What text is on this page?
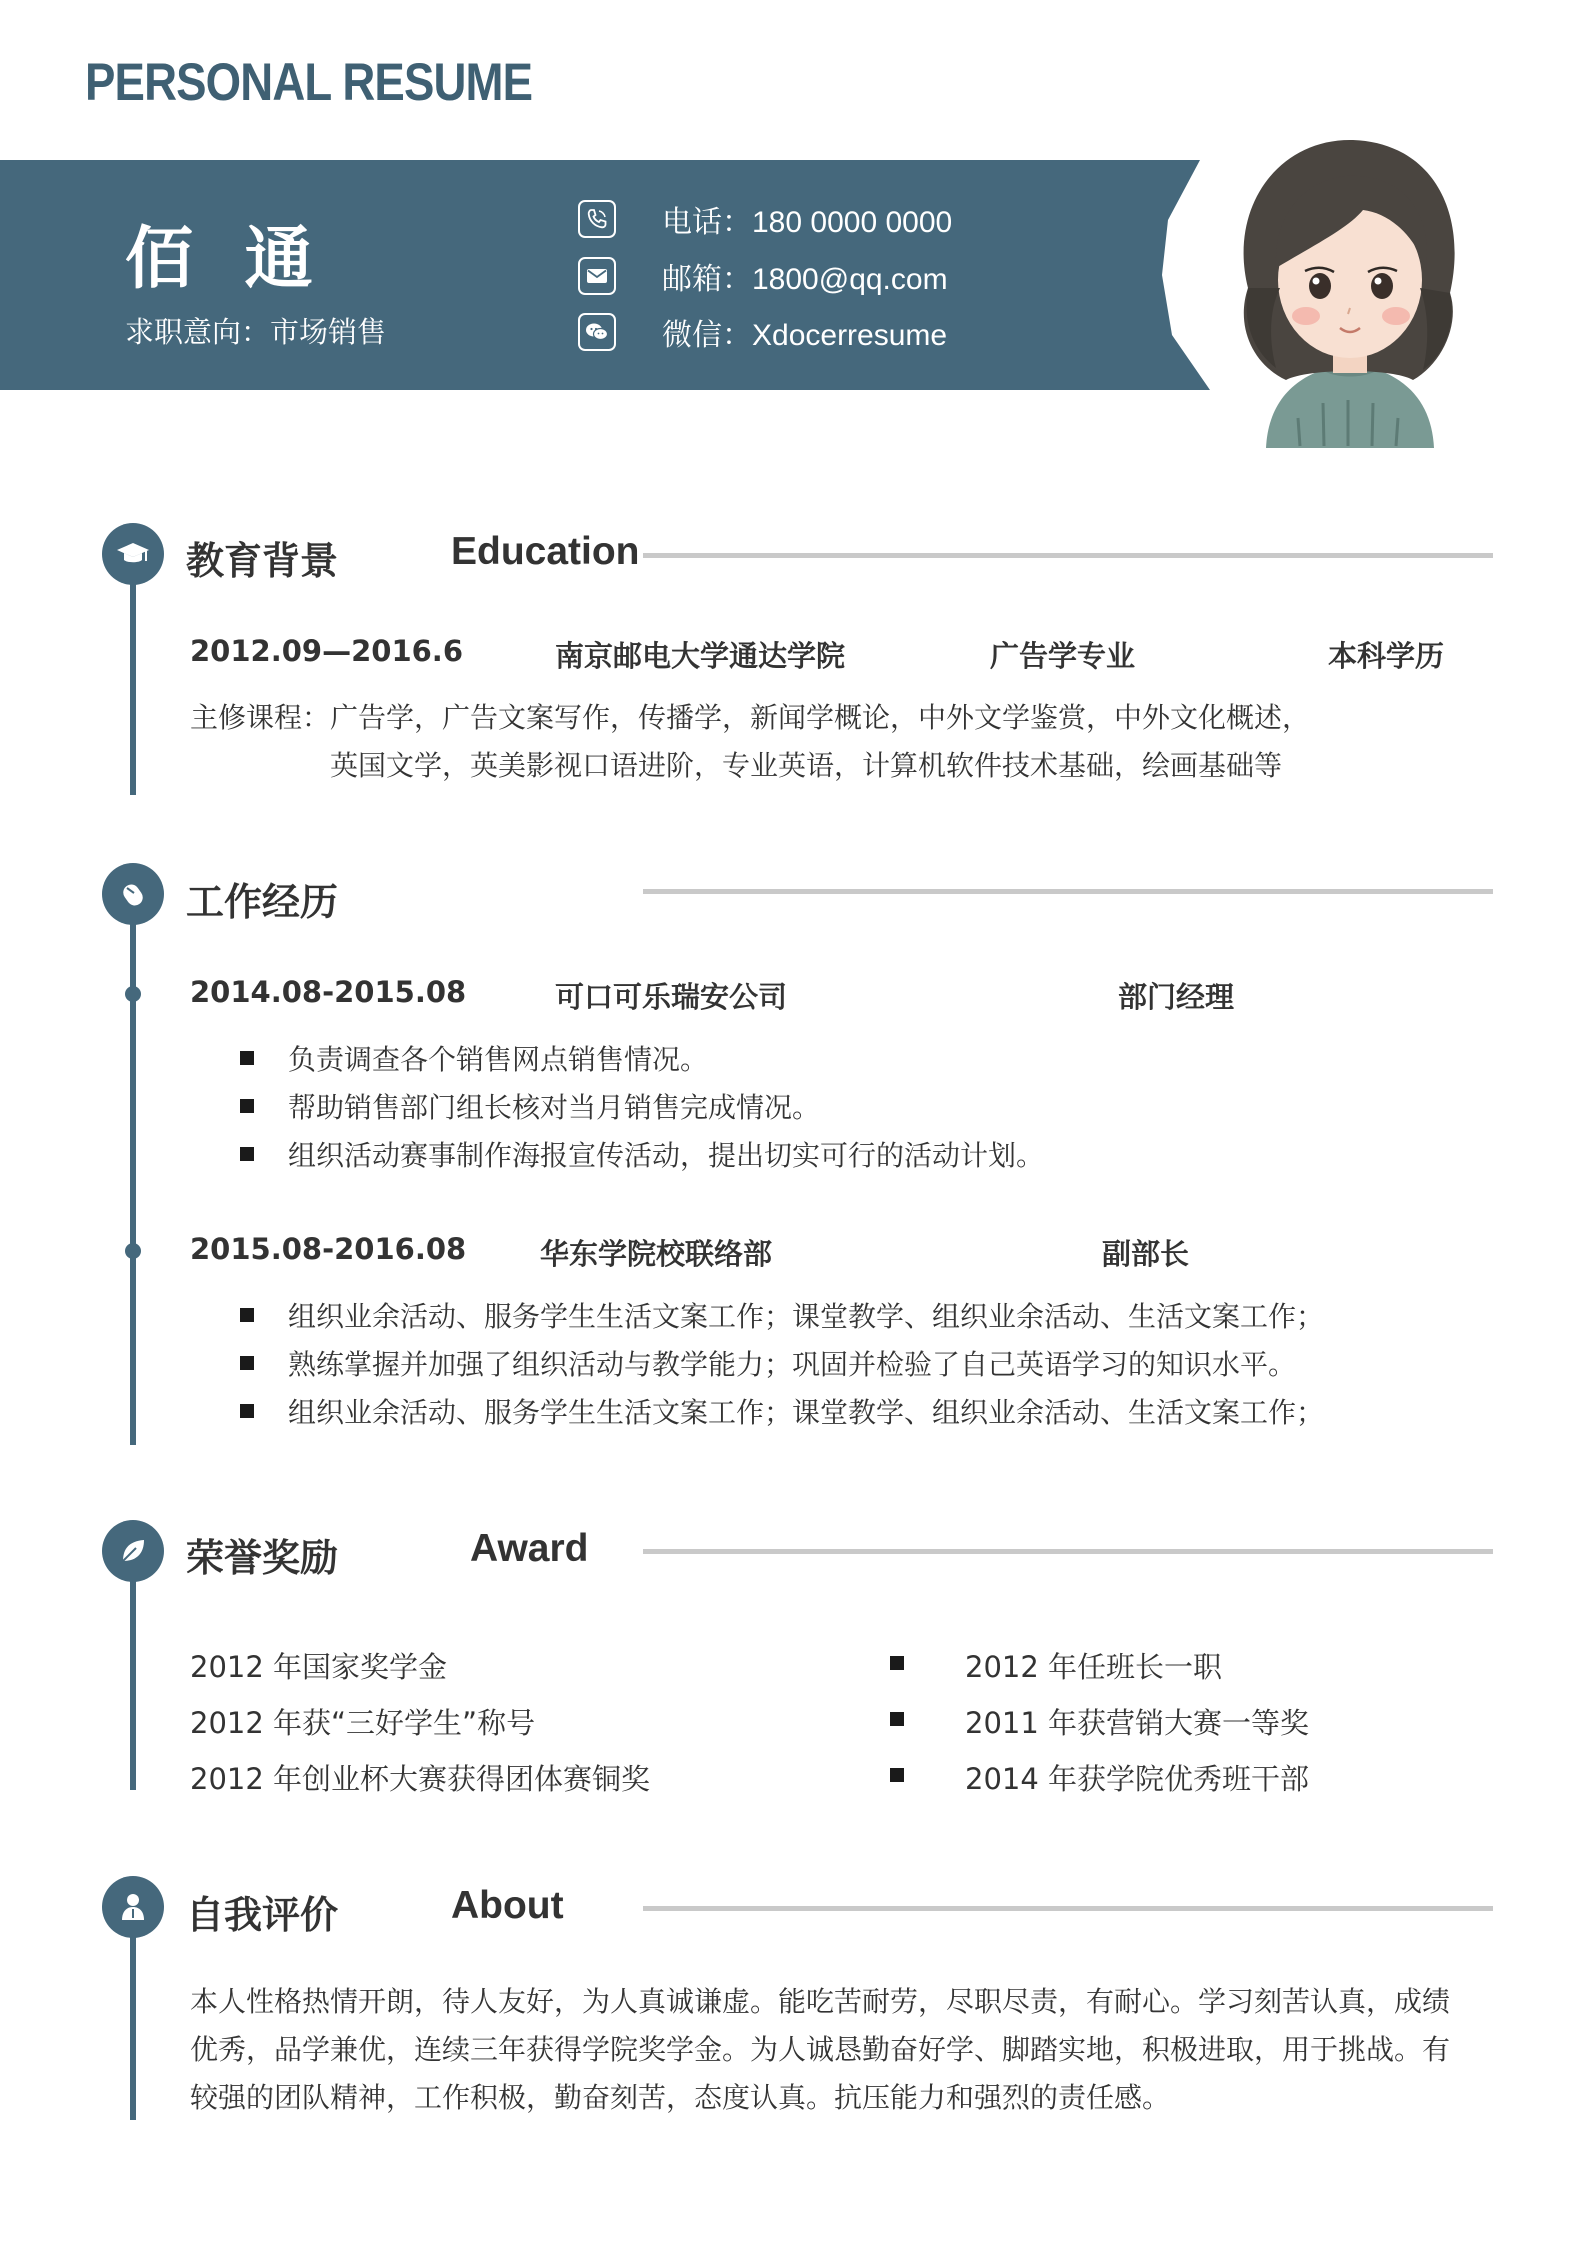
PERSONAL RESUME
佰 通
求职意向：市场销售
电话：180 0000 0000
邮箱：1800@qq.com
微信：Xdocerresume
教育背景	Education
2012.09—2016.6	南京邮电大学通达学院	广告学专业	本科学历
主修课程：广告学，广告文案写作，传播学，新闻学概论，中外文学鉴赏，中外文化概述，
英国文学，英美影视口语进阶，专业英语，计算机软件技术基础，绘画基础等
工作经历
2014.08-2015.08	可口可乐瑞安公司	部门经理
负责调查各个销售网点销售情况。
帮助销售部门组长核对当月销售完成情况。
组织活动赛事制作海报宣传活动，提出切实可行的活动计划。
2015.08-2016.08	华东学院校联络部	副部长
组织业余活动、服务学生生活文案工作；课堂教学、组织业余活动、生活文案工作；
熟练掌握并加强了组织活动与教学能力；巩固并检验了自己英语学习的知识水平。
组织业余活动、服务学生生活文案工作；课堂教学、组织业余活动、生活文案工作；
荣誉奖励	Award
2012 年国家奖学金
2012 年获“三好学生”称号
2012 年创业杯大赛获得团体赛铜奖
2012 年任班长一职
2011 年获营销大赛一等奖
2014 年获学院优秀班干部
自我评价	About
本人性格热情开朗，待人友好，为人真诚谦虚。能吃苦耐劳，尽职尽责，有耐心。学习刻苦认真，成绩
优秀，品学兼优，连续三年获得学院奖学金。为人诚恳勤奋好学、脚踏实地，积极进取，用于挑战。有
较强的团队精神，工作积极，勤奋刻苦，态度认真。抗压能力和强烈的责任感。
